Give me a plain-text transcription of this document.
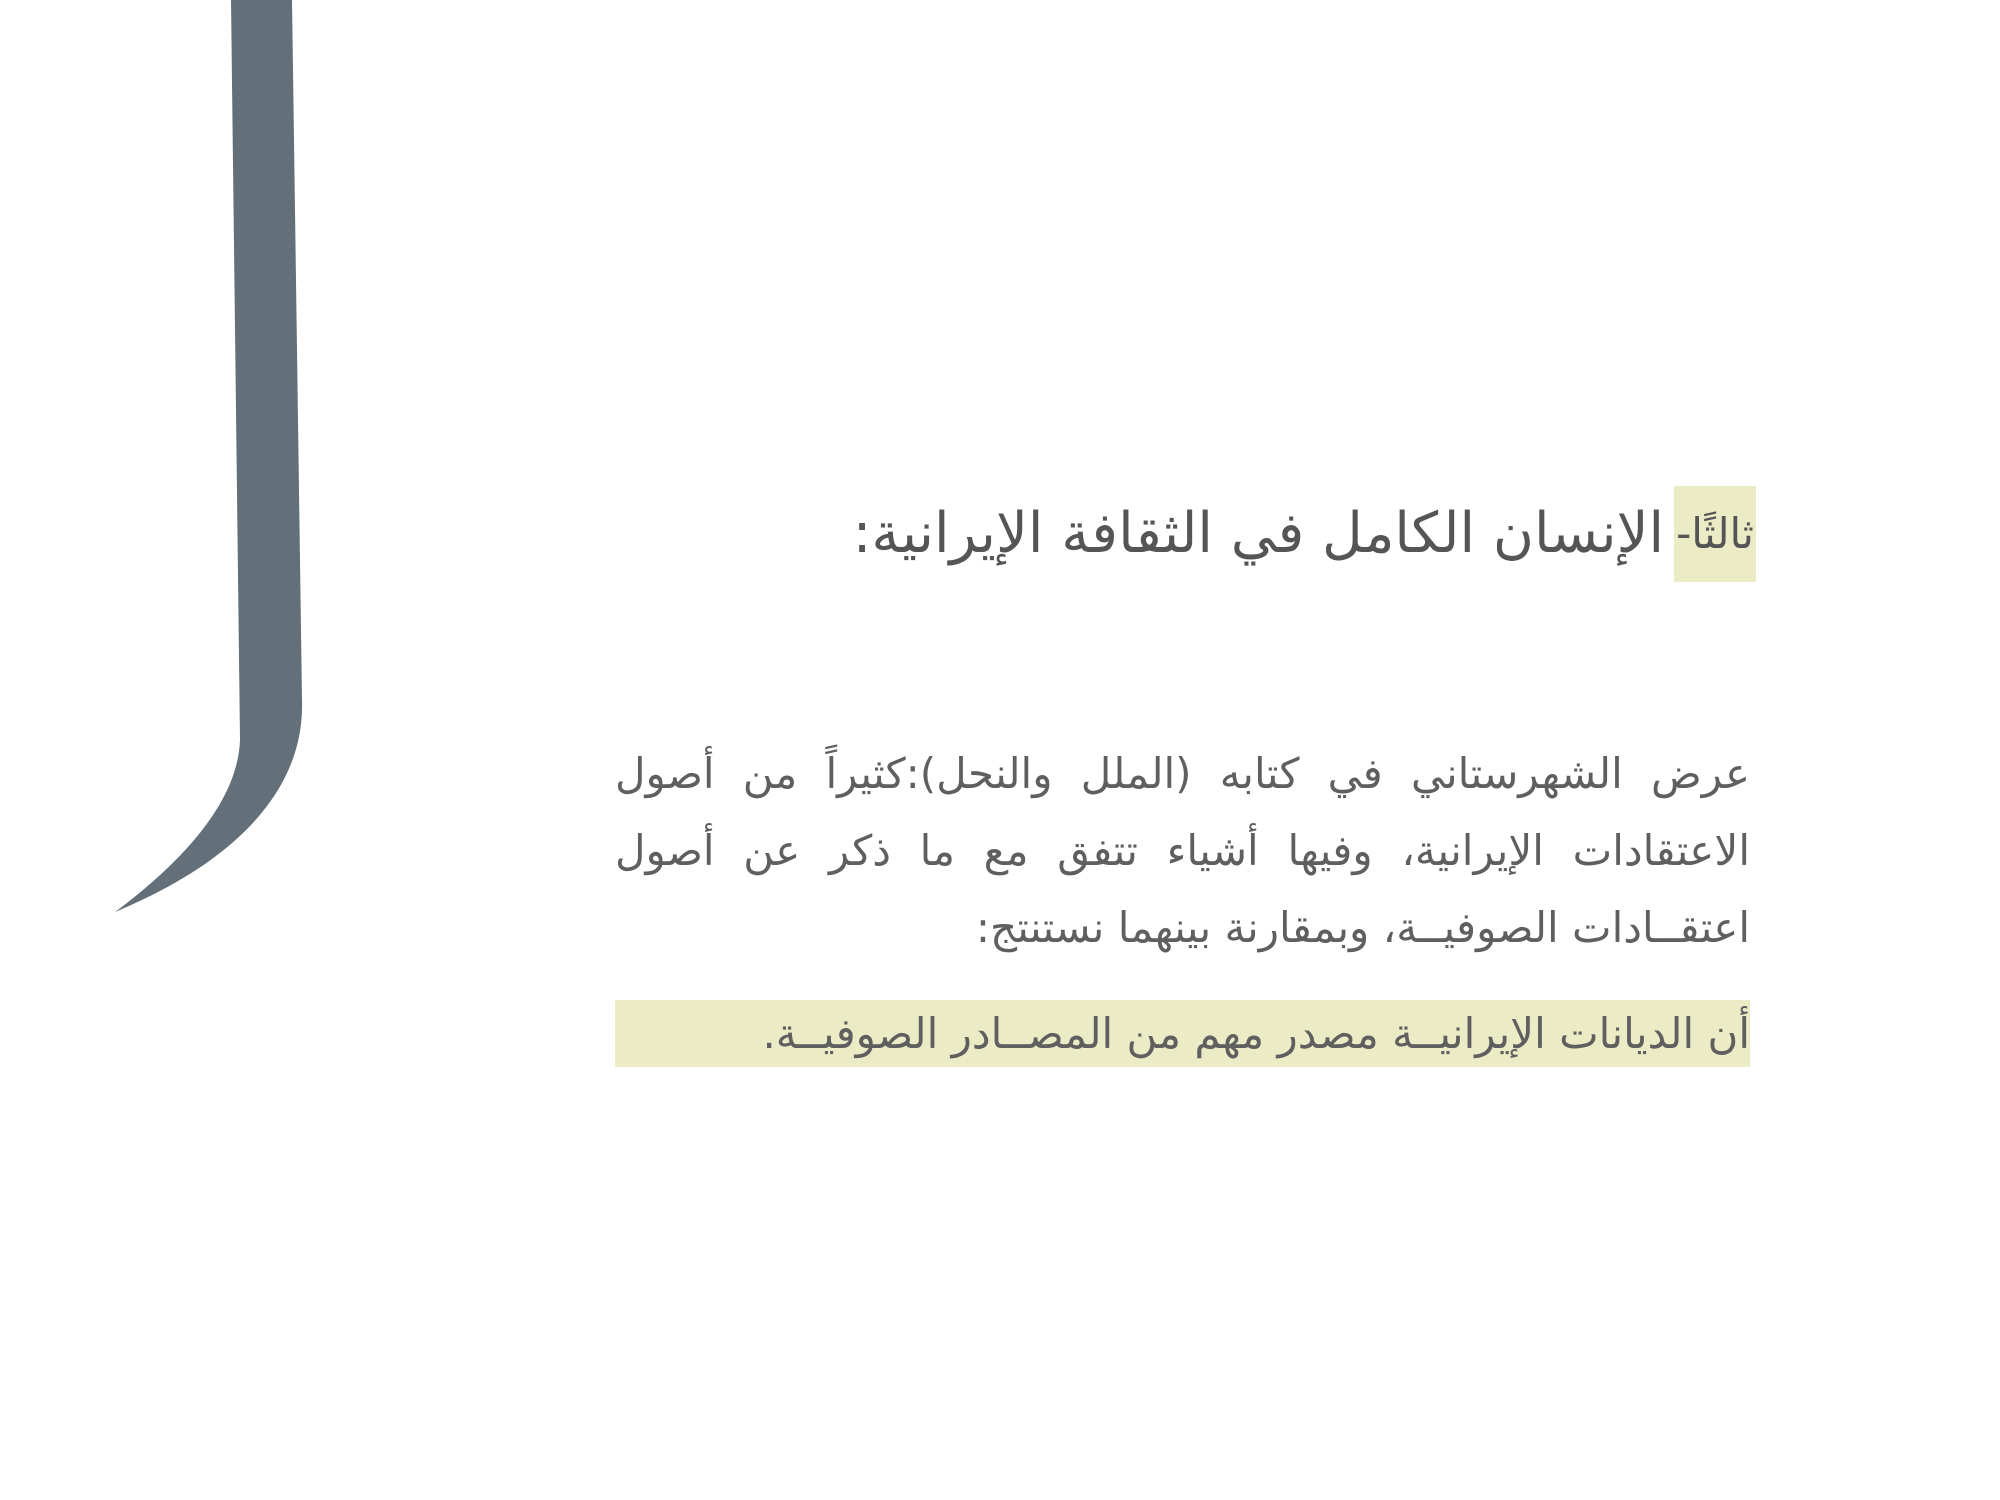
ثالثًا-الإنسان الكامل في الثقافة الإيرانية:
عرض الشهرستاني في كتابه (الملل والنحل):كثيراً من أصول الاعتقادات الإيرانية، وفيها أشياء تتفق مع ما ذكر عن أصول اعتقــادات الصوفيــة، وبمقارنة بينهما نستنتج:
أن الديانات الإيرانيــة مصدر مهم من المصــادر الصوفيــة.
